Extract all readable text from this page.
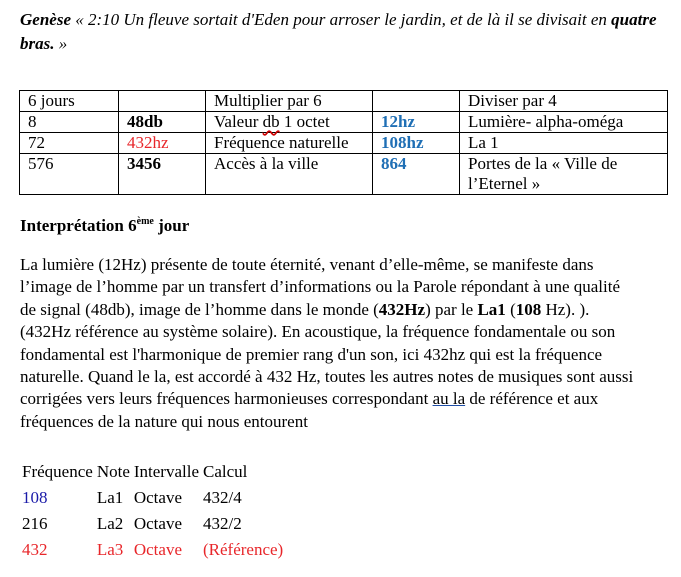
Genèse « 2:10 Un fleuve sortait d'Eden pour arroser le jardin, et de là il se divisait en quatre bras. »
6 jours		Multiplier par 6		Diviser par 4
8	48db	Valeur db 1 octet	12hz	Lumière- alpha-oméga
72	432hz	Fréquence naturelle	108hz	La 1
576	3456	Accès à la ville	864	Portes de la « Ville de l’Eternel »
Interprétation 6ème jour
La lumière (12Hz) présente de toute éternité, venant d’elle-même, se manifeste dans l’image de l’homme par un transfert d’informations ou la Parole répondant à une qualité de signal (48db), image de l’homme dans le monde (432Hz) par le La1 (108 Hz). ). (432Hz référence au système solaire). En acoustique, la fréquence fondamentale ou son fondamental est l'harmonique de premier rang d'un son, ici 432hz qui est la fréquence naturelle. Quand le la, est accordé à 432 Hz, toutes les autres notes de musiques sont aussi corrigées vers leurs fréquences harmonieuses correspondant au la de référence et aux fréquences de la nature qui nous entourent
Fréquence	Note	Intervalle	Calcul
108	La1	Octave	432/4
216	La2	Octave	432/2
432	La3	Octave	(Référence)
